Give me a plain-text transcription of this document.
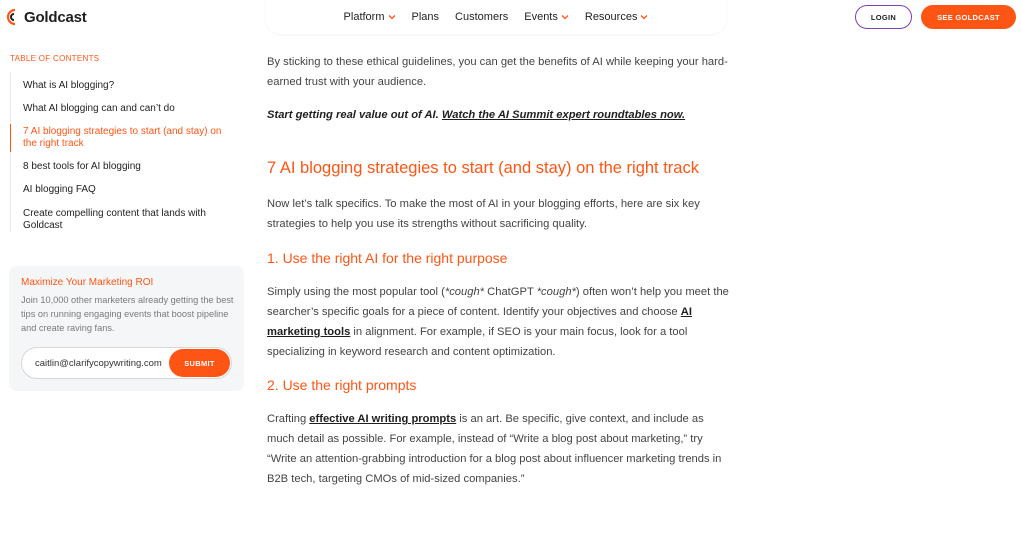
Goldcast	Platform Plans Customers Events Resources	LOGIN	SEE GOLDCAST
TABLE OF CONTENTS
What is AI blogging?
What AI blogging can and can’t do
7 AI blogging strategies to start (and stay) on the right track
8 best tools for AI blogging
AI blogging FAQ
Create compelling content that lands with Goldcast
Maximize Your Marketing ROI
Join 10,000 other marketers already getting the best tips on running engaging events that boost pipeline and create raving fans.
caitlin@clarifycopywriting.com
SUBMIT

By sticking to these ethical guidelines, you can get the benefits of AI while keeping your hard-earned trust with your audience.

Start getting real value out of AI. Watch the AI Summit expert roundtables now.

7 AI blogging strategies to start (and stay) on the right track

Now let’s talk specifics. To make the most of AI in your blogging efforts, here are six key strategies to help you use its strengths without sacrificing quality.

1. Use the right AI for the right purpose

Simply using the most popular tool (*cough* ChatGPT *cough*) often won’t help you meet the searcher’s specific goals for a piece of content. Identify your objectives and choose AI marketing tools in alignment. For example, if SEO is your main focus, look for a tool specializing in keyword research and content optimization.

2. Use the right prompts

Crafting effective AI writing prompts is an art. Be specific, give context, and include as much detail as possible. For example, instead of “Write a blog post about marketing,” try “Write an attention-grabbing introduction for a blog post about influencer marketing trends in B2B tech, targeting CMOs of mid-sized companies.”
